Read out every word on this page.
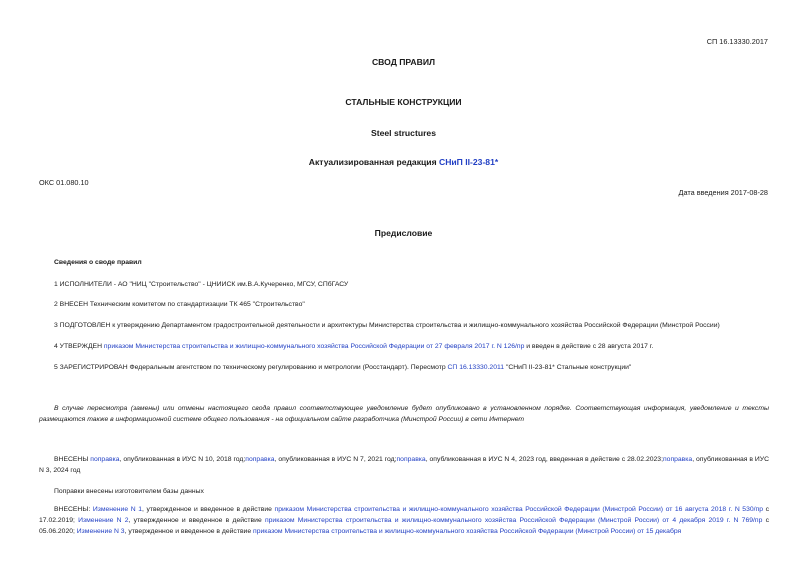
СП 16.13330.2017
СВОД ПРАВИЛ
СТАЛЬНЫЕ КОНСТРУКЦИИ
Steel structures
Актуализированная редакция СНиП II-23-81*
ОКС 01.080.10
Дата введения 2017-08-28
Предисловие
Сведения о своде правил
1 ИСПОЛНИТЕЛИ - АО "НИЦ "Строительство" - ЦНИИСК им.В.А.Кучеренко, МГСУ, СПбГАСУ
2 ВНЕСЕН Техническим комитетом по стандартизации ТК 465 "Строительство"
3 ПОДГОТОВЛЕН к утверждению Департаментом градостроительной деятельности и архитектуры Министерства строительства и жилищно-коммунального хозяйства Российской Федерации (Минстрой России)
4 УТВЕРЖДЕН приказом Министерства строительства и жилищно-коммунального хозяйства Российской Федерации от 27 февраля 2017 г. N 126/пр и введен в действие с 28 августа 2017 г.
5 ЗАРЕГИСТРИРОВАН Федеральным агентством по техническому регулированию и метрологии (Росстандарт). Пересмотр СП 16.13330.2011 "СНиП II-23-81* Стальные конструкции"
В случае пересмотра (замены) или отмены настоящего свода правил соответствующее уведомление будет опубликовано в установленном порядке. Соответствующая информация, уведомление и тексты размещаются также в информационной системе общего пользования - на официальном сайте разработчика (Минстрой России) в сети Интернет
ВНЕСЕНЫ поправка, опубликованная в ИУС N 10, 2018 год;поправка, опубликованная в ИУС N 7, 2021 год;поправка, опубликованная в ИУС N 4, 2023 год, введенная в действие с 28.02.2023;поправка, опубликованная в ИУС N 3, 2024 год
Поправки внесены изготовителем базы данных
ВНЕСЕНЫ: Изменение N 1, утвержденное и введенное в действие приказом Министерства строительства и жилищно-коммунального хозяйства Российской Федерации (Минстрой России) от 16 августа 2018 г. N 530/пр с 17.02.2019; Изменение N 2, утвержденное и введенное в действие приказом Министерства строительства и жилищно-коммунального хозяйства Российской Федерации (Минстрой России) от 4 декабря 2019 г. N 769/пр с 05.06.2020; Изменение N 3, утвержденное и введенное в действие приказом Министерства строительства и жилищно-коммунального хозяйства Российской Федерации (Минстрой России) от 15 декабря
